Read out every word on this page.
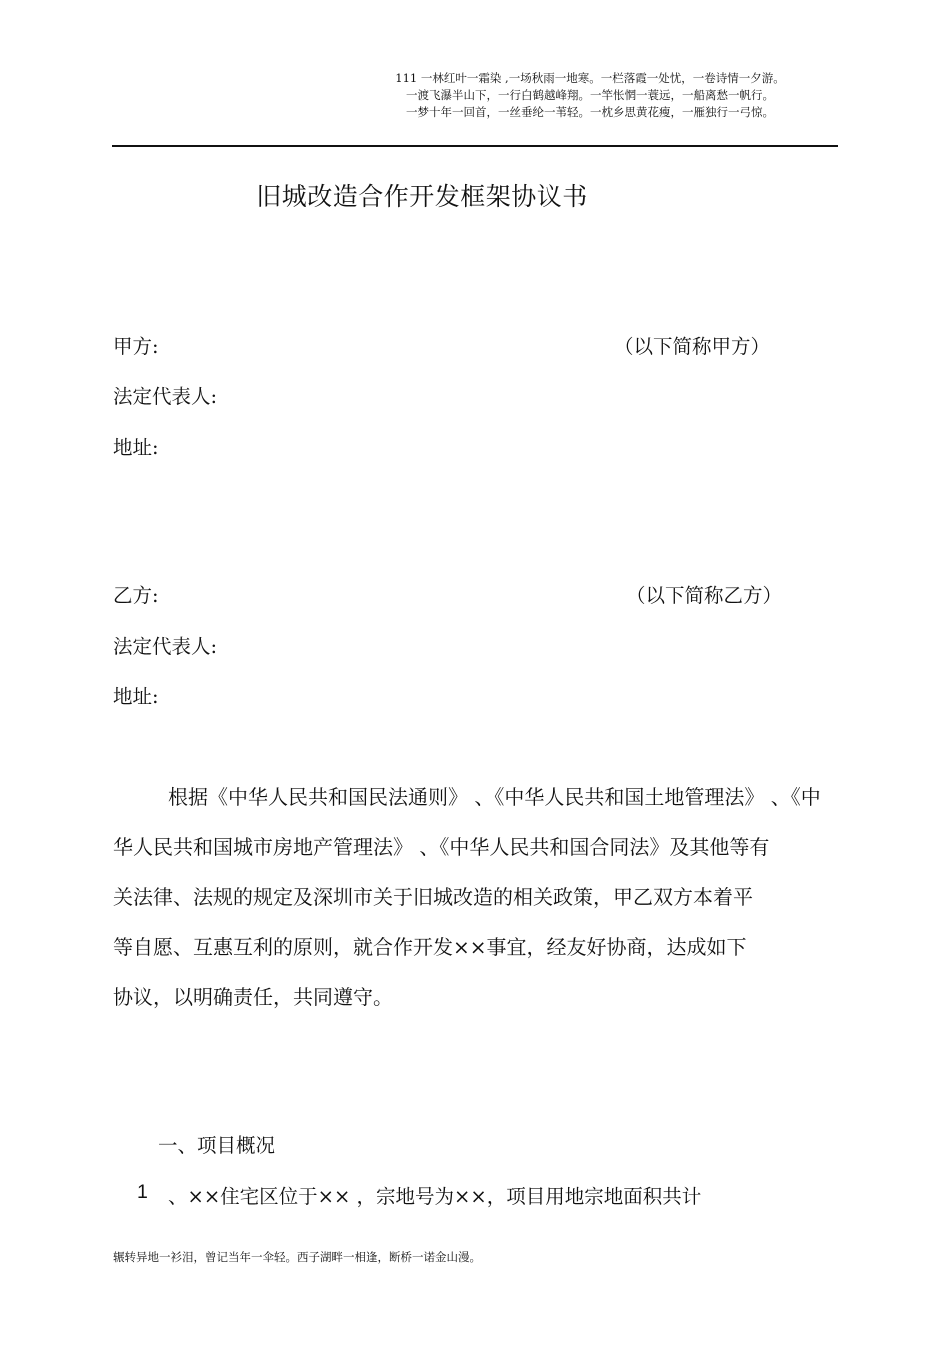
111 一林红叶一霜染 ,一场秋雨一地寒。一栏落霞一处忧，一卷诗情一夕游。
一渡飞瀑半山下，一行白鹤越峰翔。一竿怅惘一蓑远，一船离愁一帆行。
一梦十年一回首，一丝垂纶一苇轻。一枕乡思黄花瘦，一雁独行一弓惊。
旧城改造合作开发框架协议书
甲方:	（以下简称甲方）
法定代表人:
地址:
乙方:	（以下简称乙方）
法定代表人:
地址:
根据《中华人民共和国民法通则》 、《中华人民共和国土地管理法》 、《中
华人民共和国城市房地产管理法》 、《中华人民共和国合同法》及其他等有
关法律、法规的规定及深圳市关于旧城改造的相关政策，甲乙双方本着平
等自愿、互惠互利的原则，就合作开发××事宜，经友好协商，达成如下
协议，以明确责任，共同遵守。
一、项目概况
1 、××住宅区位于×× ，宗地号为××，项目用地宗地面积共计
辗转异地一衫泪，曾记当年一伞轻。西子湖畔一相逢，断桥一诺金山漫。
